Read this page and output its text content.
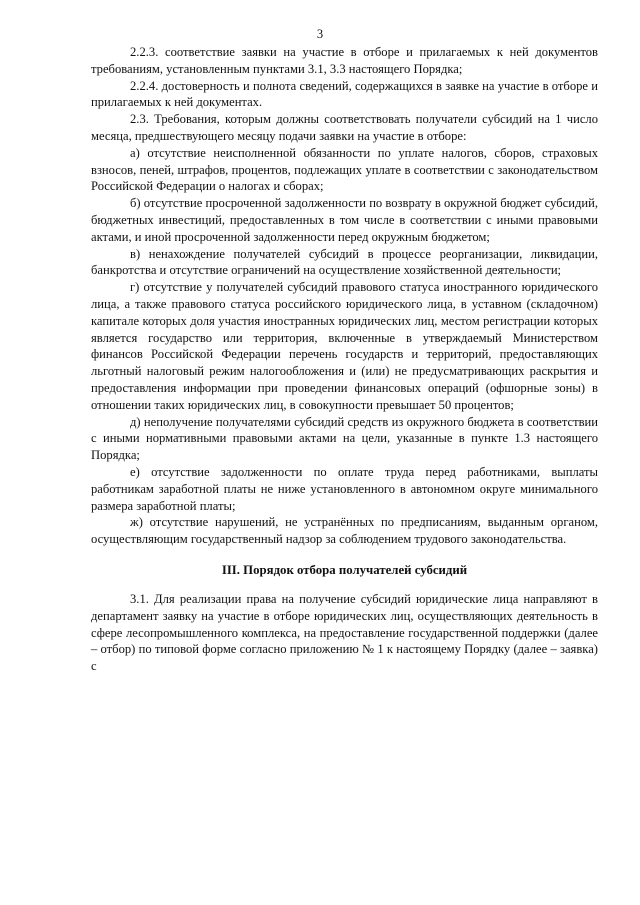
3

2.2.3. соответствие заявки на участие в отборе и прилагаемых к ней документов требованиям, установленным пунктами 3.1, 3.3 настоящего Порядка;

2.2.4. достоверность и полнота сведений, содержащихся в заявке на участие в отборе и прилагаемых к ней документах.

2.3. Требования, которым должны соответствовать получатели субсидий на 1 число месяца, предшествующего месяцу подачи заявки на участие в отборе:

а) отсутствие неисполненной обязанности по уплате налогов, сборов, страховых взносов, пеней, штрафов, процентов, подлежащих уплате в соответствии с законодательством Российской Федерации о налогах и сборах;

б) отсутствие просроченной задолженности по возврату в окружной бюджет субсидий, бюджетных инвестиций, предоставленных в том числе в соответствии с иными правовыми актами, и иной просроченной задолженности перед окружным бюджетом;

в) ненахождение получателей субсидий в процессе реорганизации, ликвидации, банкротства и отсутствие ограничений на осуществление хозяйственной деятельности;

г) отсутствие у получателей субсидий правового статуса иностранного юридического лица, а также правового статуса российского юридического лица, в уставном (складочном) капитале которых доля участия иностранных юридических лиц, местом регистрации которых является государство или территория, включенные в утверждаемый Министерством финансов Российской Федерации перечень государств и территорий, предоставляющих льготный налоговый режим налогообложения и (или) не предусматривающих раскрытия и предоставления информации при проведении финансовых операций (офшорные зоны) в отношении таких юридических лиц, в совокупности превышает 50 процентов;

д) неполучение получателями субсидий средств из окружного бюджета в соответствии с иными нормативными правовыми актами на цели, указанные в пункте 1.3 настоящего Порядка;

е) отсутствие задолженности по оплате труда перед работниками, выплаты работникам заработной платы не ниже установленного в автономном округе минимального размера заработной платы;

ж) отсутствие нарушений, не устранённых по предписаниям, выданным органом, осуществляющим государственный надзор за соблюдением трудового законодательства.

III. Порядок отбора получателей субсидий

3.1. Для реализации права на получение субсидий юридические лица направляют в департамент заявку на участие в отборе юридических лиц, осуществляющих деятельность в сфере лесопромышленного комплекса, на предоставление государственной поддержки (далее – отбор) по типовой форме согласно приложению № 1 к настоящему Порядку (далее – заявка) с
